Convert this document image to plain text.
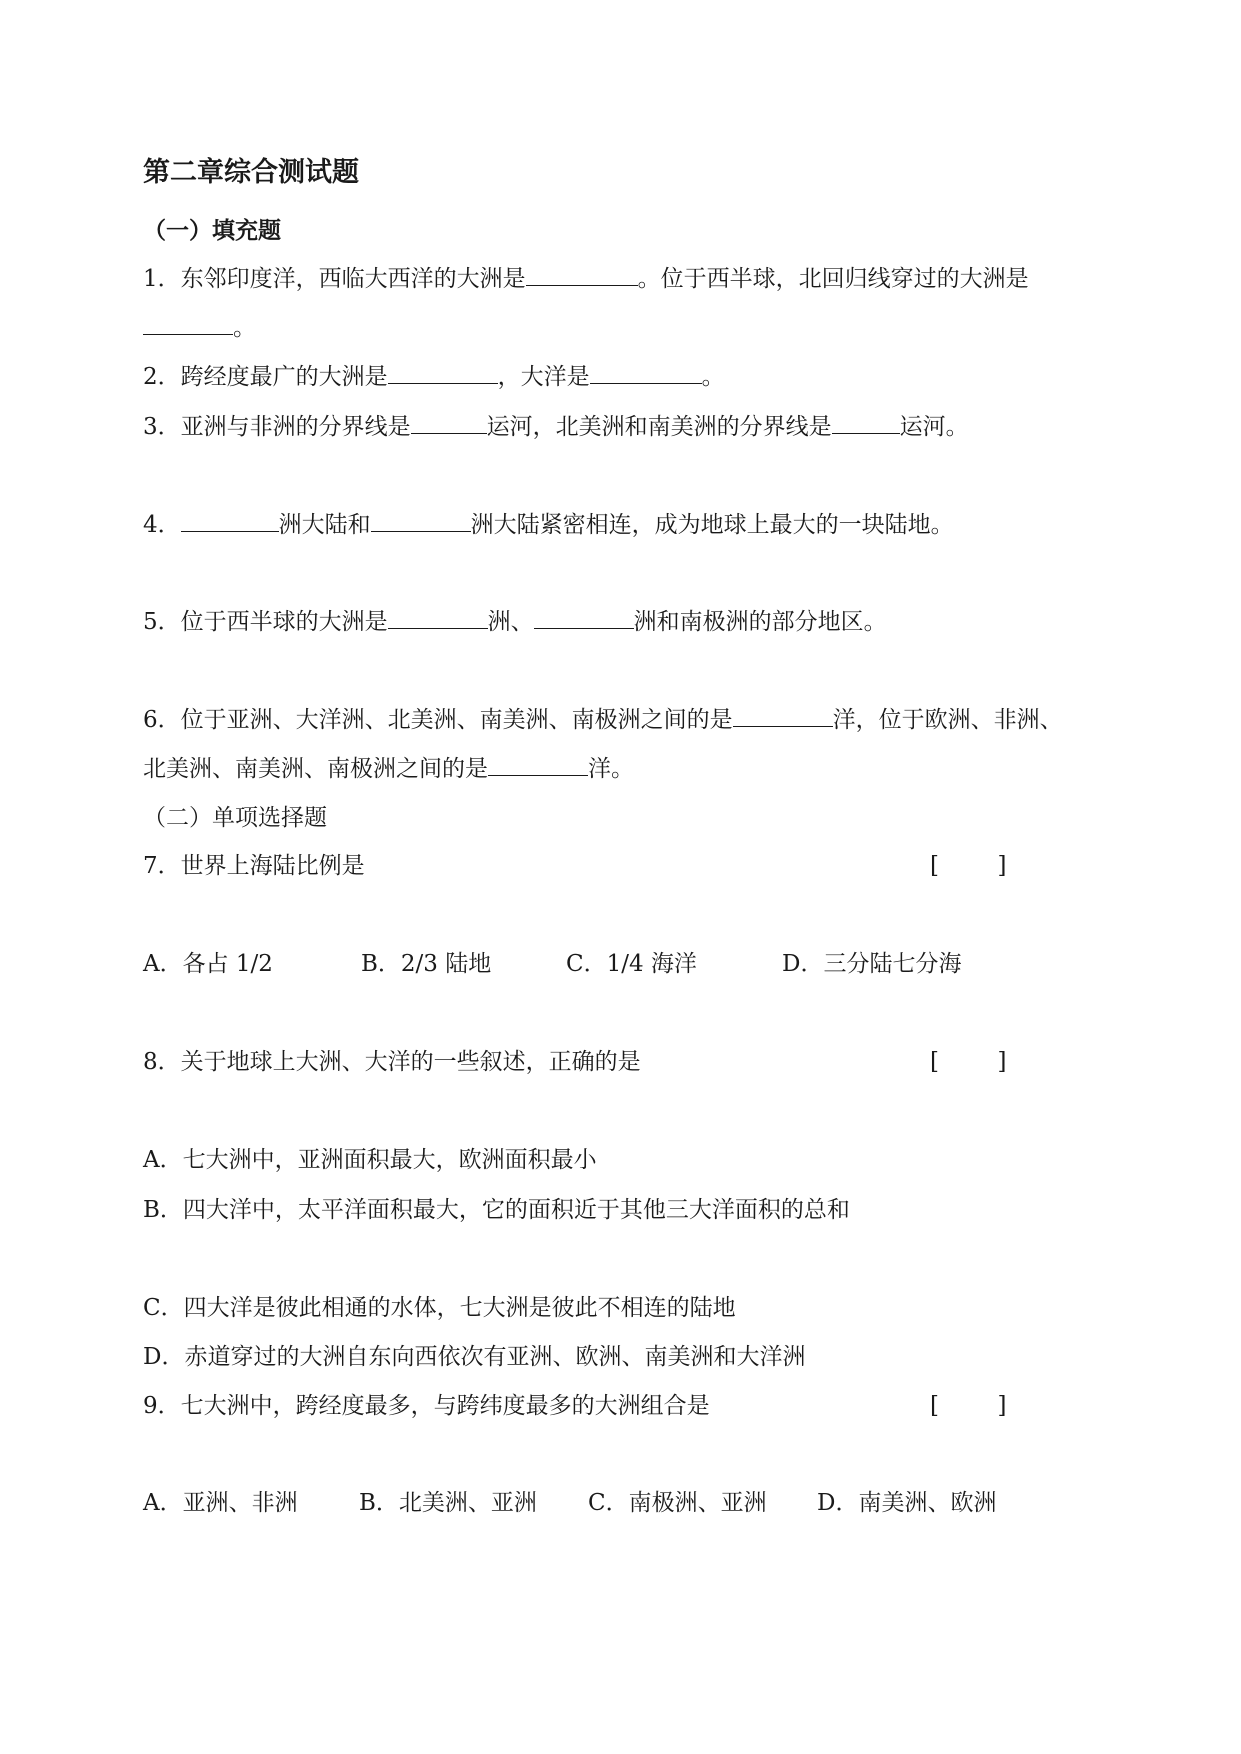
第二章综合测试题
（一）填充题
1．东邻印度洋，西临大西洋的大洲是	。位于西半球，北回归线穿过的大洲是
。
2．跨经度最广的大洲是	，大洋是	。
3．亚洲与非洲的分界线是	运河，北美洲和南美洲的分界线是	运河。
4．	洲大陆和	洲大陆紧密相连，成为地球上最大的一块陆地。
5．位于西半球的大洲是	洲、	洲和南极洲的部分地区。
6．位于亚洲、大洋洲、北美洲、南美洲、南极洲之间的是	洋，位于欧洲、非洲、
北美洲、南美洲、南极洲之间的是	洋。
（二）单项选择题
7．世界上海陆比例是	[        ]
A．各占 1/2	B．2/3 陆地	C．1/4 海洋	D．三分陆七分海
8．关于地球上大洲、大洋的一些叙述，正确的是	[        ]
A．七大洲中，亚洲面积最大，欧洲面积最小
B．四大洋中，太平洋面积最大，它的面积近于其他三大洋面积的总和
C．四大洋是彼此相通的水体，七大洲是彼此不相连的陆地
D．赤道穿过的大洲自东向西依次有亚洲、欧洲、南美洲和大洋洲
9．七大洲中，跨经度最多，与跨纬度最多的大洲组合是	[        ]
A．亚洲、非洲	B．北美洲、亚洲 C．南极洲、亚洲 D．南美洲、欧洲
